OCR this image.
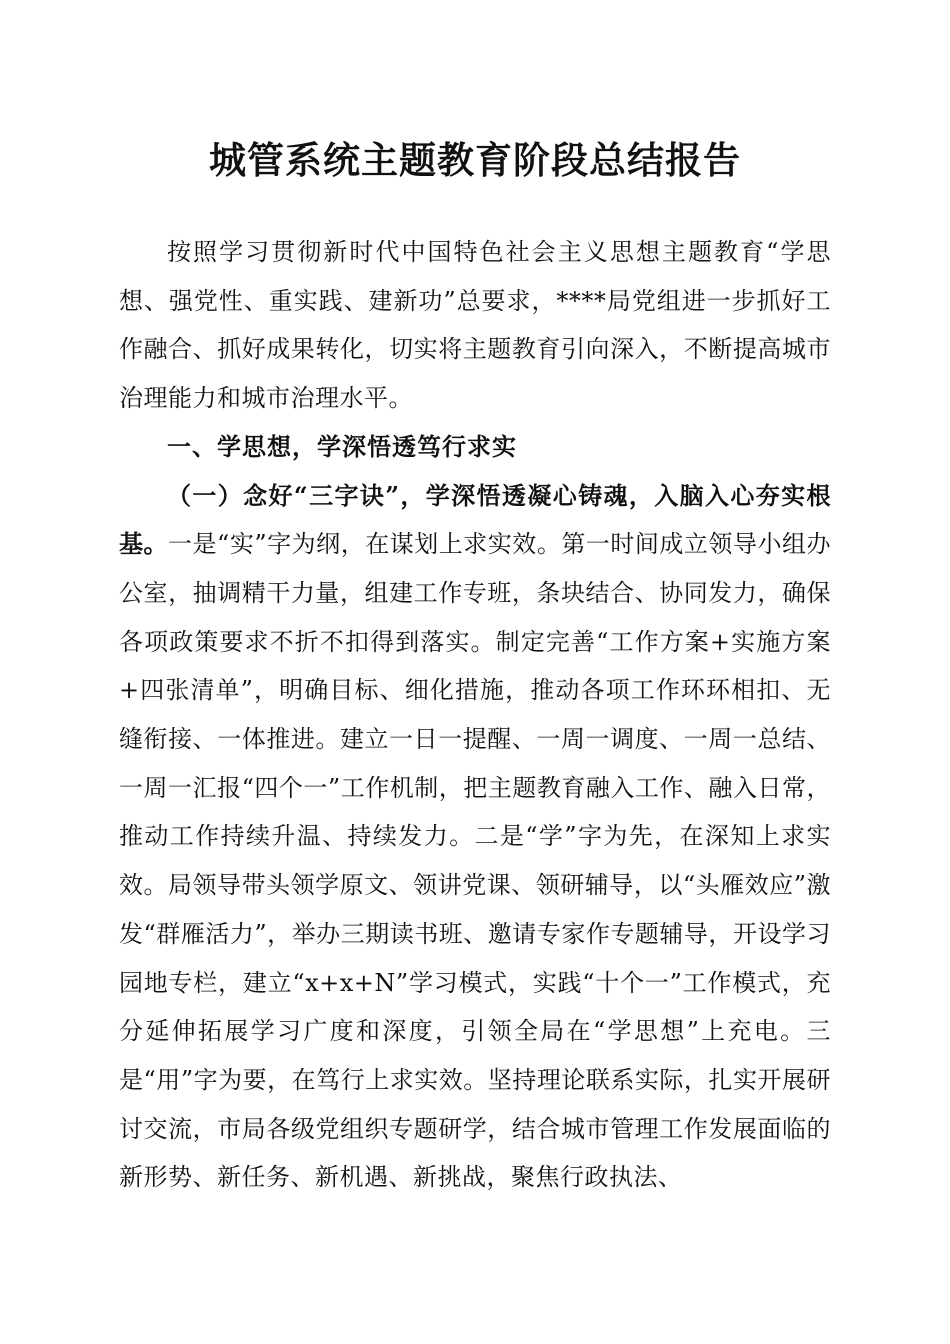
城管系统主题教育阶段总结报告

按照学习贯彻新时代中国特色社会主义思想主题教育“学思想、强党性、重实践、建新功”总要求，****局党组进一步抓好工作融合、抓好成果转化，切实将主题教育引向深入，不断提高城市治理能力和城市治理水平。

一、学思想，学深悟透笃行求实

（一）念好“三字诀”，学深悟透凝心铸魂，入脑入心夯实根基。一是“实”字为纲，在谋划上求实效。第一时间成立领导小组办公室，抽调精干力量，组建工作专班，条块结合、协同发力，确保各项政策要求不折不扣得到落实。制定完善“工作方案+实施方案+四张清单”，明确目标、细化措施，推动各项工作环环相扣、无缝衔接、一体推进。建立一日一提醒、一周一调度、一周一总结、一周一汇报“四个一”工作机制，把主题教育融入工作、融入日常，推动工作持续升温、持续发力。二是“学”字为先，在深知上求实效。局领导带头领学原文、领讲党课、领研辅导，以“头雁效应”激发“群雁活力”，举办三期读书班、邀请专家作专题辅导，开设学习园地专栏，建立“x+x+N”学习模式，实践“十个一”工作模式，充分延伸拓展学习广度和深度，引领全局在“学思想”上充电。三是“用”字为要，在笃行上求实效。坚持理论联系实际，扎实开展研讨交流，市局各级党组织专题研学，结合城市管理工作发展面临的新形势、新任务、新机遇、新挑战，聚焦行政执法、
